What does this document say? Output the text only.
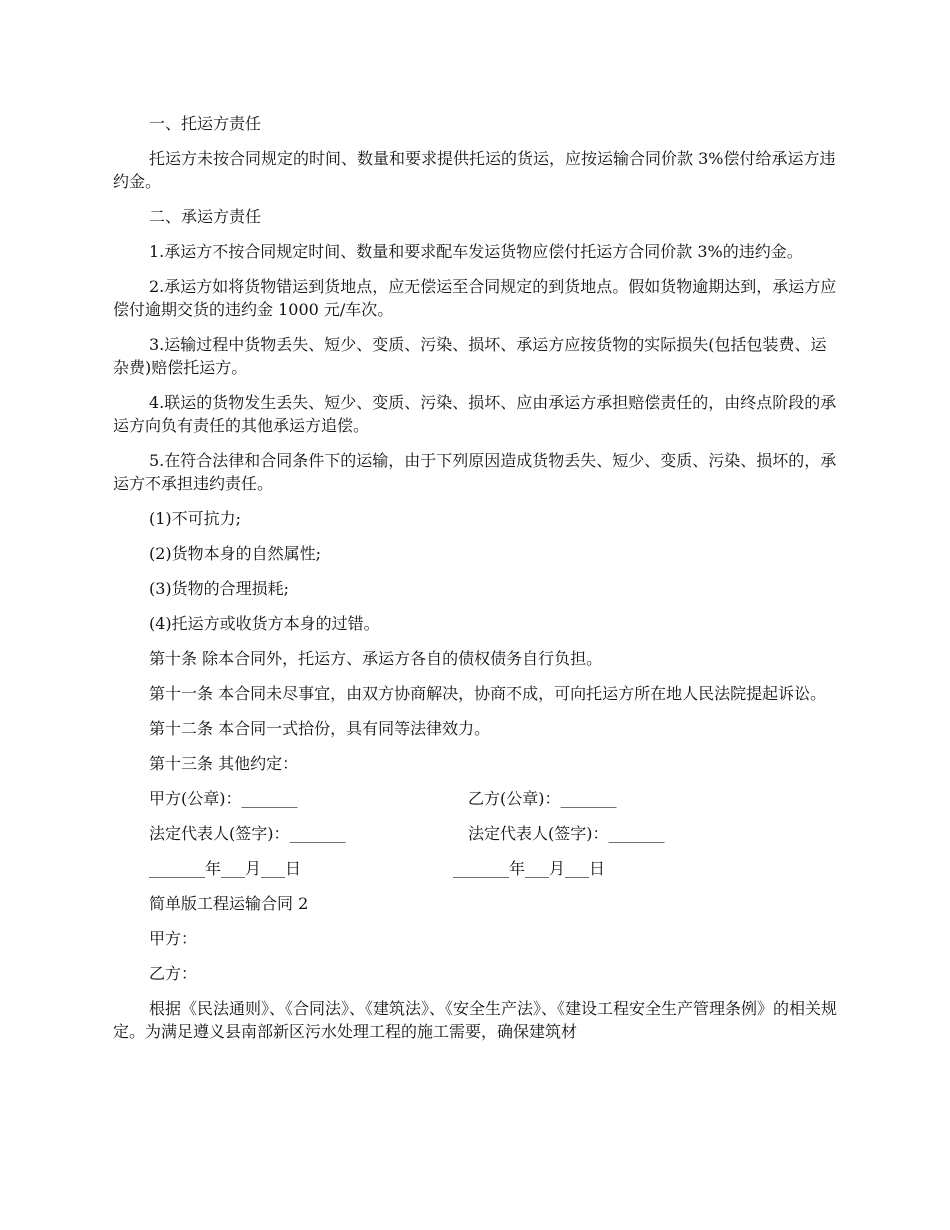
一、托运方责任

托运方未按合同规定的时间、数量和要求提供托运的货运，应按运输合同价款 3%偿付给承运方违约金。

二、承运方责任

1.承运方不按合同规定时间、数量和要求配车发运货物应偿付托运方合同价款 3%的违约金。

2.承运方如将货物错运到货地点，应无偿运至合同规定的到货地点。假如货物逾期达到，承运方应偿付逾期交货的违约金 1000 元/车次。

3.运输过程中货物丢失、短少、变质、污染、损坏、承运方应按货物的实际损失(包括包装费、运杂费)赔偿托运方。

4.联运的货物发生丢失、短少、变质、污染、损坏、应由承运方承担赔偿责任的，由终点阶段的承运方向负有责任的其他承运方追偿。

5.在符合法律和合同条件下的运输，由于下列原因造成货物丢失、短少、变质、污染、损坏的，承运方不承担违约责任。

(1)不可抗力;

(2)货物本身的自然属性;

(3)货物的合理损耗;

(4)托运方或收货方本身的过错。

第十条 除本合同外，托运方、承运方各自的债权债务自行负担。

第十一条 本合同未尽事宜，由双方协商解决，协商不成，可向托运方所在地人民法院提起诉讼。

第十二条 本合同一式拾份，具有同等法律效力。

第十三条 其他约定：

甲方(公章)：_______	乙方(公章)：_______
法定代表人(签字)：_______	法定代表人(签字)：_______
_______年___月___日	_______年___月___日

简单版工程运输合同 2

甲方：

乙方：

根据《民法通则》、《合同法》、《建筑法》、《安全生产法》、《建设工程安全生产管理条例》的相关规定。为满足遵义县南部新区污水处理工程的施工需要，确保建筑材
